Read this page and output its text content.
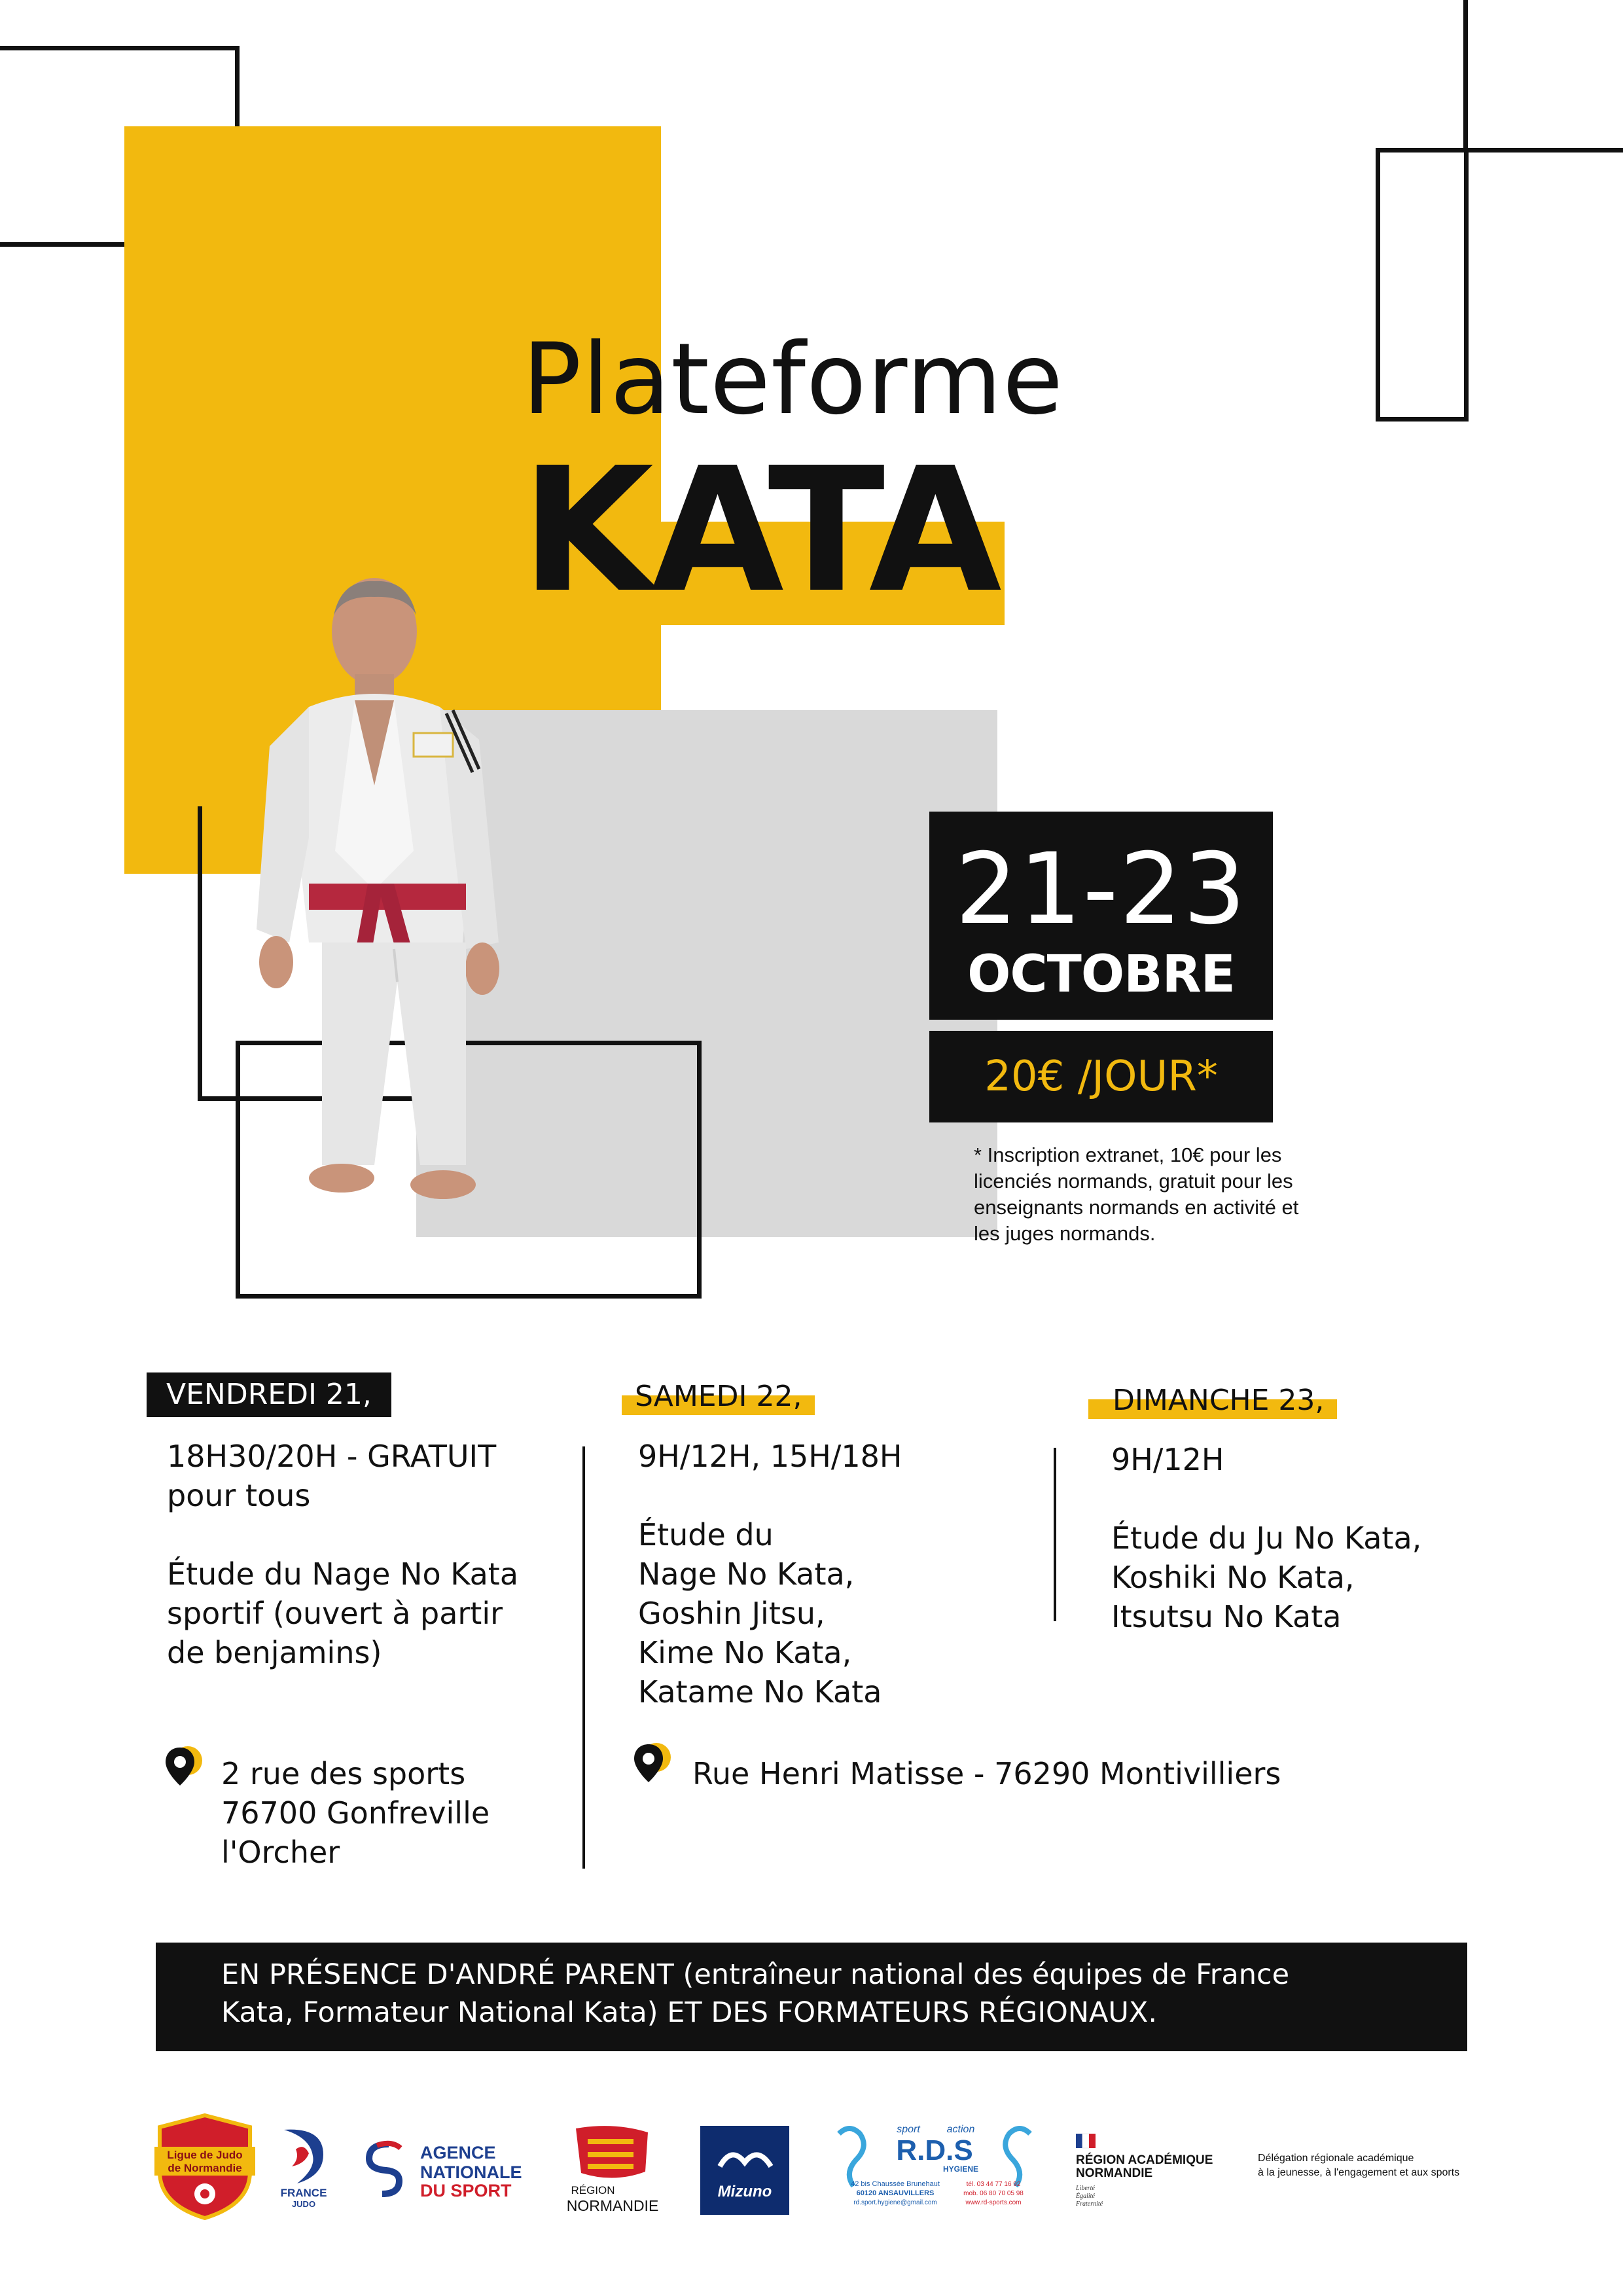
Plateforme
KATA
21-23
OCTOBRE
20€ /JOUR*
* Inscription extranet, 10€ pour les licenciés normands, gratuit pour les enseignants normands en activité et les juges normands.
VENDREDI 21,

18H30/20H - GRATUIT

pour tous

Étude du Nage No Kata

sportif (ouvert à partir

de benjamins)

SAMEDI 22,

9H/12H, 15H/18H

Étude du

Nage No Kata,

Goshin Jitsu,

Kime No Kata,

Katame No Kata

DIMANCHE 23,

9H/12H

Étude du Ju No Kata,

Koshiki No Kata,

Itsutsu No Kata

2 rue des sports
76700 Gonfreville
l'Orcher
Rue Henri Matisse - 76290 Montivilliers
EN PRÉSENCE D'ANDRÉ PARENT (entraîneur national des équipes de France
Kata, Formateur National Kata) ET DES FORMATEURS RÉGIONAUX.
Ligue de Judo
de Normandie
FRANCE
JUDO
AGENCE
NATIONALE
DU SPORT	RÉGION
NORMANDIE
Mizuno
sport	action
R.D.S
HYGIENE
42 bis Chaussée Brunehaut
60120 ANSAUVILLERS
rd.sport.hygiene@gmail.com
tél. 03 44 77 16 92
mob. 06 80 70 05 98
www.rd-sports.com
RÉGION ACADÉMIQUE
NORMANDIE
Liberté
Égalité
Fraternité
Délégation régionale académique
à la jeunesse, à l'engagement et aux sports
